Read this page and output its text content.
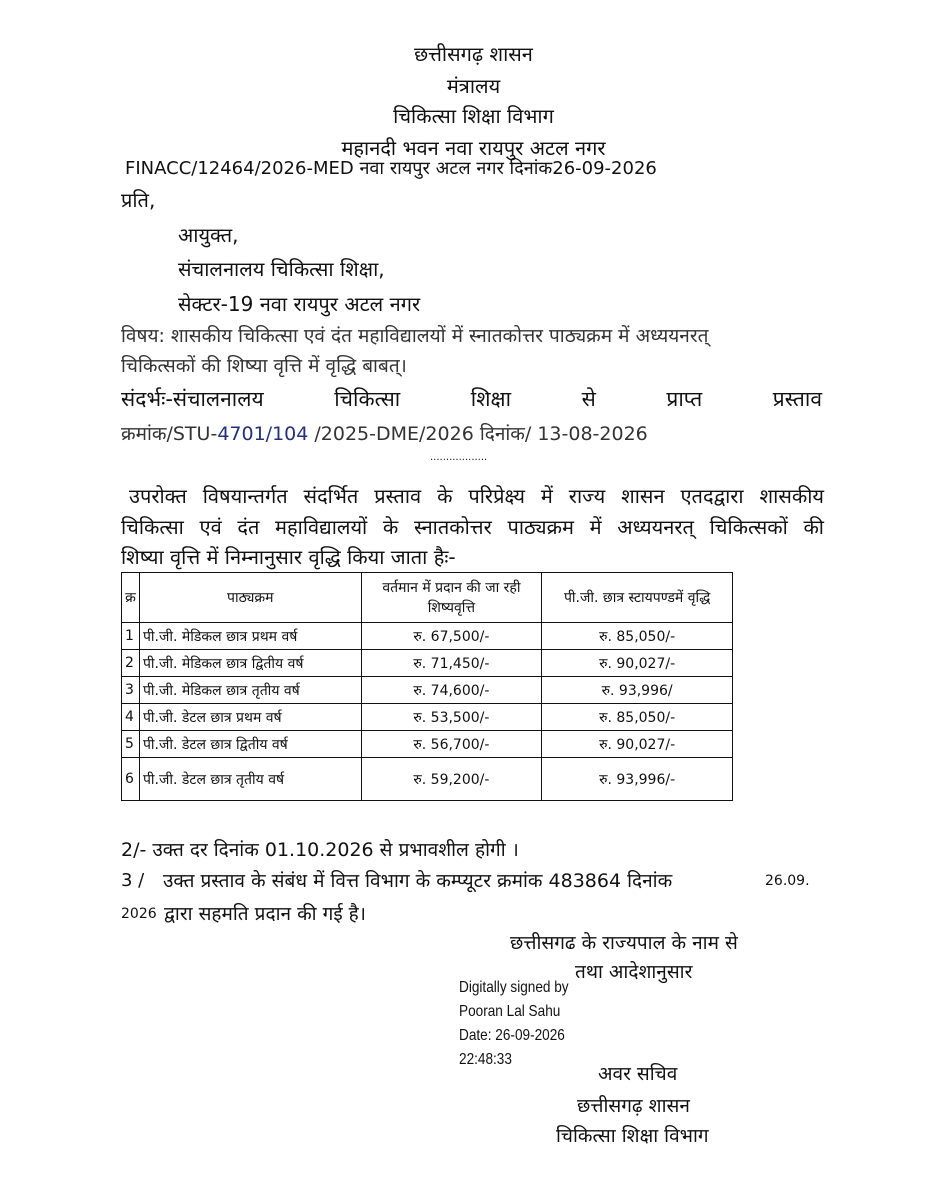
छत्तीसगढ़ शासन
मंत्रालय
चिकित्सा शिक्षा विभाग
महानदी भवन नवा रायपुर अटल नगर
FINACC/12464/2026-MED नवा रायपुर अटल नगर दिनांक26-09-2026
प्रति,
आयुक्त,
संचालनालय चिकित्सा शिक्षा,
सेक्टर-19 नवा रायपुर अटल नगर
विषय: शासकीय चिकित्सा एवं दंत महाविद्यालयों में स्नातकोत्तर पाठ्यक्रम में अध्ययनरत्
चिकित्सकों की शिष्या वृत्ति में वृद्धि बाबत्।
संदर्भः-संचालनालय चिकित्सा शिक्षा से प्राप्त प्रस्ताव
क्रमांक/STU-4701/104 /2025-DME/2026 दिनांक/ 13-08-2026
..................
उपरोक्त विषयान्तर्गत संदर्भित प्रस्ताव के परिप्रेक्ष्य में राज्य शासन एतदद्वारा शासकीय
चिकित्सा एवं दंत महाविद्यालयों के स्नातकोत्तर पाठ्यक्रम में अध्ययनरत् चिकित्सकों की
शिष्या वृत्ति में निम्नानुसार वृद्धि किया जाता हैः-
क्र	पाठ्यक्रम	वर्तमान में प्रदान की जा रही शिष्यवृत्ति	पी.जी. छात्र स्टायपण्डमें वृद्धि
1	पी.जी. मेडिकल छात्र प्रथम वर्ष	रु. 67,500/-	रु. 85,050/-
2	पी.जी. मेडिकल छात्र द्वितीय वर्ष	रु. 71,450/-	रु. 90,027/-
3	पी.जी. मेडिकल छात्र तृतीय वर्ष	रु. 74,600/-	रु. 93,996/
4	पी.जी. डेटल छात्र प्रथम वर्ष	रु. 53,500/-	रु. 85,050/-
5	पी.जी. डेटल छात्र द्वितीय वर्ष	रु. 56,700/-	रु. 90,027/-
6	पी.जी. डेटल छात्र तृतीय वर्ष	रु. 59,200/-	रु. 93,996/-
2/- उक्त दर दिनांक 01.10.2026 से प्रभावशील होगी ।
3 / उक्त प्रस्ताव के संबंध में वित्त विभाग के कम्प्यूटर क्रमांक 483864 दिनांक	26.09.
2026 द्वारा सहमति प्रदान की गई है।
छत्तीसगढ के राज्यपाल के नाम से
तथा आदेशानुसार
Digitally signed by
Pooran Lal Sahu
Date: 26-09-2026
22:48:33
अवर सचिव
छत्तीसगढ़ शासन
चिकित्सा शिक्षा विभाग
